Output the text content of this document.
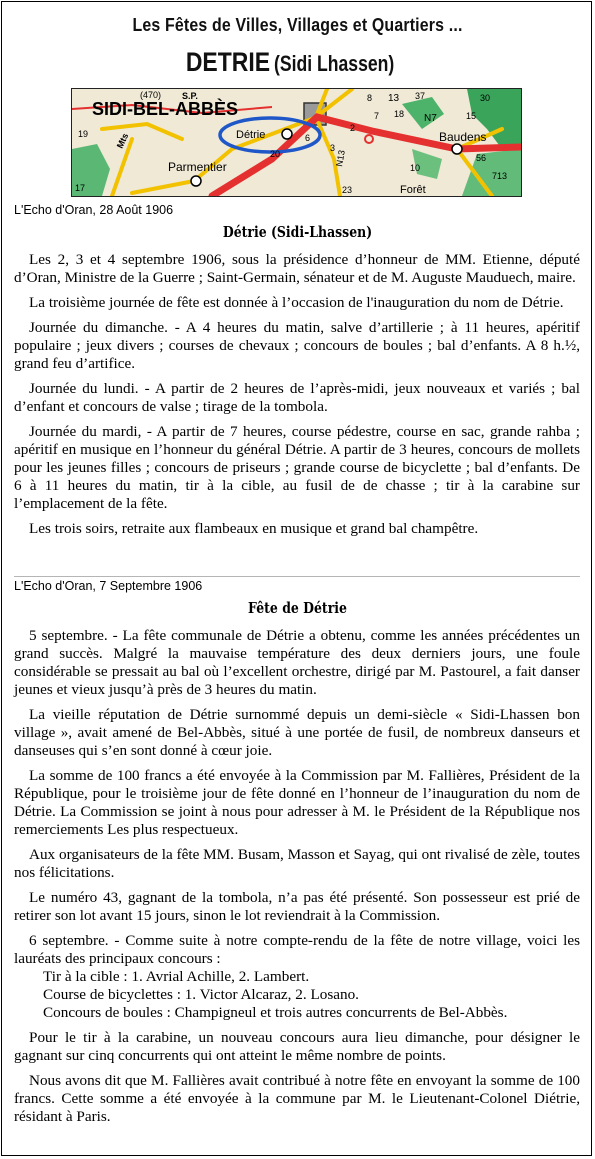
Les Fêtes de Villes, Villages et Quartiers ...
DETRIE (Sidi Lhassen)
SIDI-BEL-ABBÈS
Détrie
Parmentier
Baudens
Forêt
(470) S.P.
Mts
N7
N13
13 37
18
56
713
19
20
23
6
30
15
8
7
3
17
2
10
L'Echo d'Oran, 28 Août 1906
Détrie (Sidi-Lhassen)

Les 2, 3 et 4 septembre 1906, sous la présidence d’honneur de MM. Etienne, député d’Oran, Ministre de la Guerre ; Saint-Germain, sénateur et de M. Auguste Mauduech, maire.

La troisième journée de fête est donnée à l’occasion de l'inauguration du nom de Détrie.

Journée du dimanche. - A 4 heures du matin, salve d’artillerie ; à 11 heures, apéritif populaire ; jeux divers ; courses de chevaux ; concours de boules ; bal d’enfants. A 8 h.½, grand feu d’artifice.

Journée du lundi. - A partir de 2 heures de l’après-midi, jeux nouveaux et variés ; bal d’enfant et concours de valse ; tirage de la tombola.

Journée du mardi, - A partir de 7 heures, course pédestre, course en sac, grande rahba ; apéritif en musique en l’honneur du général Détrie. A partir de 3 heures, concours de mollets pour les jeunes filles ; concours de priseurs ; grande course de bicyclette ; bal d’enfants. De 6 à 11 heures du matin, tir à la cible, au fusil de de chasse ; tir à la carabine sur l’emplacement de la fête.

Les trois soirs, retraite aux flambeaux en musique et grand bal champêtre.

L'Echo d'Oran, 7 Septembre 1906
Fête de Détrie

5 septembre. - La fête communale de Détrie a obtenu, comme les années précédentes un grand succès. Malgré la mauvaise température des deux derniers jours, une foule considérable se pressait au bal où l’excellent orchestre, dirigé par M. Pastourel, a fait danser jeunes et vieux jusqu’à près de 3 heures du matin.

La vieille réputation de Détrie surnommé depuis un demi-siècle « Sidi-Lhassen bon village », avait amené de Bel-Abbès, situé à une portée de fusil, de nombreux danseurs et danseuses qui s’en sont donné à cœur joie.

La somme de 100 francs a été envoyée à la Commission par M. Fallières, Président de la République, pour le troisième jour de fête donné en l’honneur de l’inauguration du nom de Détrie. La Commission se joint à nous pour adresser à M. le Président de la République nos remerciements Les plus respectueux.

Aux organisateurs de la fête MM. Busam, Masson et Sayag, qui ont rivalisé de zèle, toutes nos félicitations.

Le numéro 43, gagnant de la tombola, n’a pas été présenté. Son possesseur est prié de retirer son lot avant 15 jours, sinon le lot reviendrait à la Commission.

6 septembre. - Comme suite à notre compte-rendu de la fête de notre village, voici les lauréats des principaux concours :

Tir à la cible : 1. Avrial Achille, 2. Lambert.

Course de bicyclettes : 1. Victor Alcaraz, 2. Losano.

Concours de boules : Champigneul et trois autres concurrents de Bel-Abbès.

Pour le tir à la carabine, un nouveau concours aura lieu dimanche, pour désigner le gagnant sur cinq concurrents qui ont atteint le même nombre de points.

Nous avons dit que M. Fallières avait contribué à notre fête en envoyant la somme de 100 francs. Cette somme a été envoyée à la commune par M. le Lieutenant-Colonel Diétrie, résidant à Paris.
